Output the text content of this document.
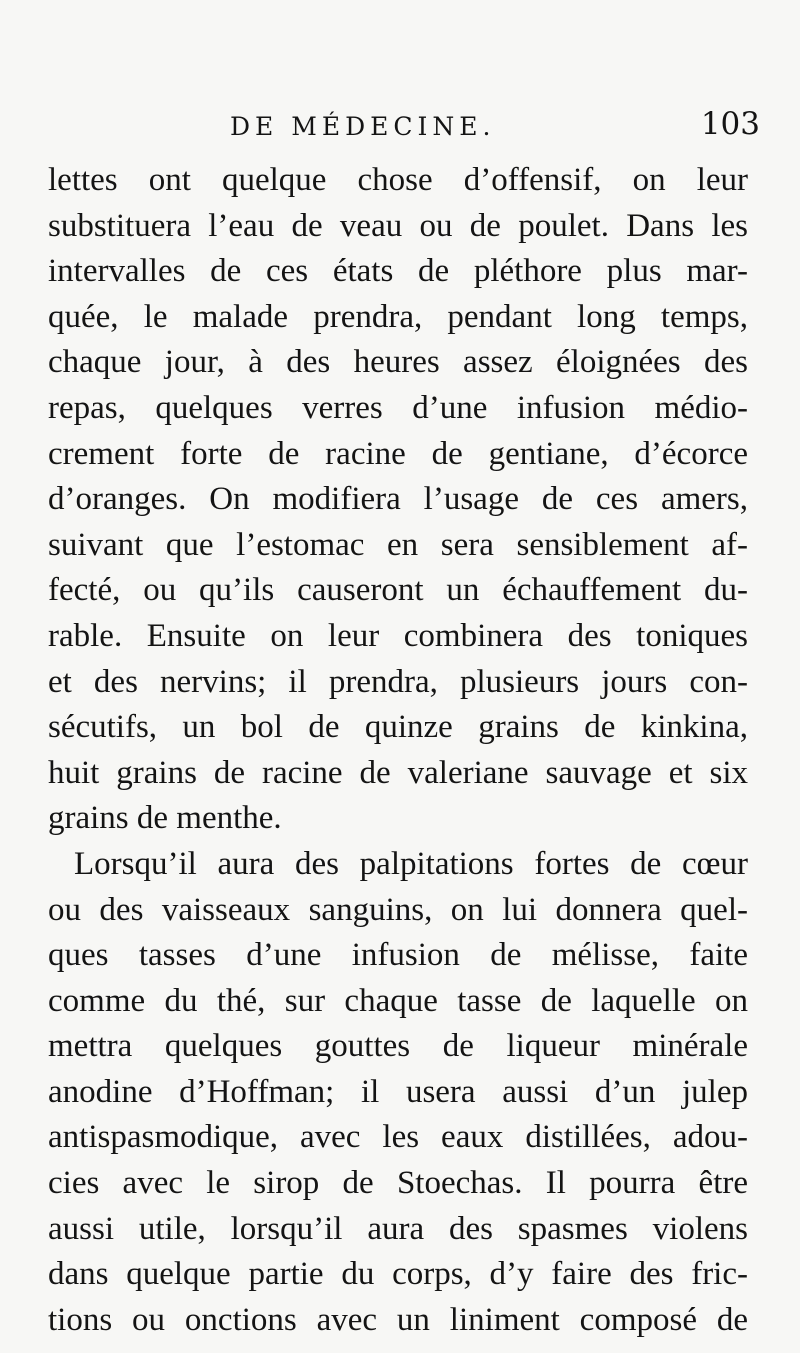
DE MÉDECINE.	103
lettes ont quelque chose d’offensif, on leur
substituera l’eau de veau ou de poulet. Dans les
intervalles de ces états de pléthore plus mar-
quée, le malade prendra, pendant long temps,
chaque jour, à des heures assez éloignées des
repas, quelques verres d’une infusion médio-
crement forte de racine de gentiane, d’écorce
d’oranges. On modifiera l’usage de ces amers,
suivant que l’estomac en sera sensiblement af-
fecté, ou qu’ils causeront un échauffement du-
rable. Ensuite on leur combinera des toniques
et des nervins; il prendra, plusieurs jours con-
sécutifs, un bol de quinze grains de kinkina,
huit grains de racine de valeriane sauvage et six
grains de menthe.
Lorsqu’il aura des palpitations fortes de cœur
ou des vaisseaux sanguins, on lui donnera quel-
ques tasses d’une infusion de mélisse, faite
comme du thé, sur chaque tasse de laquelle on
mettra quelques gouttes de liqueur minérale
anodine d’Hoffman; il usera aussi d’un julep
antispasmodique, avec les eaux distillées, adou-
cies avec le sirop de Stoechas. Il pourra être
aussi utile, lorsqu’il aura des spasmes violens
dans quelque partie du corps, d’y faire des fric-
tions ou onctions avec un liniment composé de
